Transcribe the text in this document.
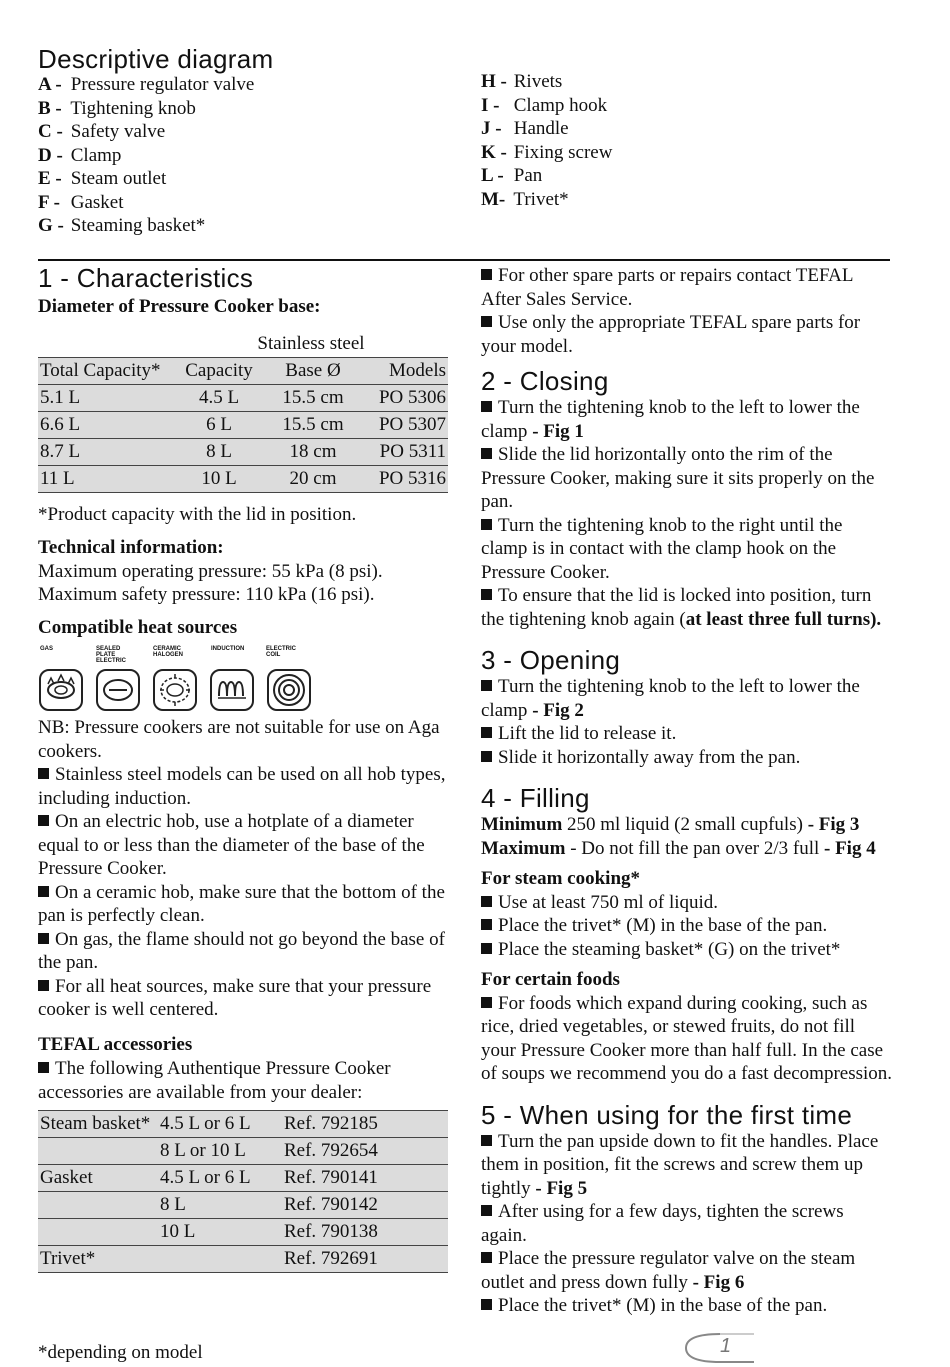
Descriptive diagram
A - Pressure regulator valve
B - Tightening knob
C - Safety valve
D - Clamp
E - Steam outlet
F - Gasket
G - Steaming basket*
H - Rivets
I - Clamp hook
J - Handle
K - Fixing screw
L - Pan
M- Trivet*
1 - Characteristics
Diameter of Pressure Cooker base:
	Stainless steel		
Total Capacity*	Capacity	Base Ø	Models
5.1 L	4.5 L	15.5 cm	PO 5306
6.6 L	6 L	15.5 cm	PO 5307
8.7 L	8 L	18 cm	PO 5311
11 L	10 L	20 cm	PO 5316
*Product capacity with the lid in position.
Technical information:
Maximum operating pressure: 55 kPa (8 psi).
Maximum safety pressure: 110 kPa (16 psi).
Compatible heat sources
GAS	SEALED PLATE ELECTRIC
CERAMIC HALOGEN
INDUCTION	ELECTRIC COIL
NB: Pressure cookers are not suitable for use on Aga cookers.
Stainless steel models can be used on all hob types, including induction.
On an electric hob, use a hotplate of a diameter equal to or less than the diameter of the base of the Pressure Cooker.
On a ceramic hob, make sure that the bottom of the pan is perfectly clean.
On gas, the flame should not go beyond the base of the pan.
For all heat sources, make sure that your pressure cooker is well centered.
TEFAL accessories
The following Authentique Pressure Cooker accessories are available from your dealer:
Steam basket*	4.5 L or 6 L	Ref. 792185
	8 L or 10 L	Ref. 792654
Gasket	4.5 L or 6 L	Ref. 790141
	8 L	Ref. 790142
	10 L	Ref. 790138
Trivet*		Ref. 792691
For other spare parts or repairs contact TEFAL After Sales Service.
Use only the appropriate TEFAL spare parts for your model.
2 - Closing
Turn the tightening knob to the left to lower the clamp - Fig 1
Slide the lid horizontally onto the rim of the Pressure Cooker, making sure it sits properly on the pan.
Turn the tightening knob to the right until the clamp is in contact with the clamp hook on the Pressure Cooker.
To ensure that the lid is locked into position, turn the tightening knob again (at least three full turns).
3 - Opening
Turn the tightening knob to the left to lower the clamp - Fig 2
Lift the lid to release it.
Slide it horizontally away from the pan.
4 - Filling
Minimum 250 ml liquid (2 small cupfuls) - Fig 3
Maximum - Do not fill the pan over 2/3 full - Fig 4
For steam cooking*
Use at least 750 ml of liquid.
Place the trivet* (M) in the base of the pan.
Place the steaming basket* (G) on the trivet*
For certain foods
For foods which expand during cooking, such as rice, dried vegetables, or stewed fruits, do not fill your Pressure Cooker more than half full. In the case of soups we recommend you do a fast decompression.
5 - When using for the first time
Turn the pan upside down to fit the handles. Place them in position, fit the screws and screw them up tightly - Fig 5
After using for a few days, tighten the screws again.
Place the pressure regulator valve on the steam outlet and press down fully - Fig 6
Place the trivet* (M) in the base of the pan.
*depending on model	1
